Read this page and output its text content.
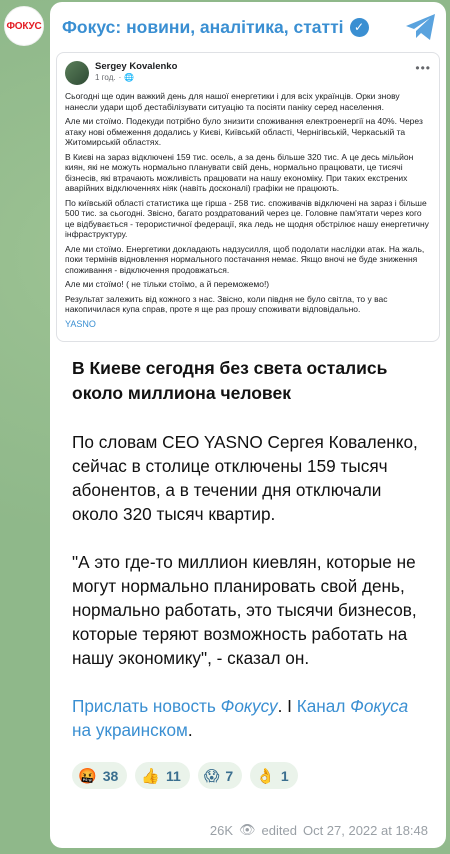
ФОКУС Фокус: новини, аналітика, статті ✓
Sergey Kovalenko
1 год. · 🌐
•••

Сьогодні ще один важкий день для нашої енергетики і для всіх українців. Орки знову нанесли удари щоб дестабілізувати ситуацію та посіяти паніку серед населення.

Але ми стоїмо. Подекуди потрібно було знизити споживання електроенергії на 40%. Через атаку нові обмеження додались у Києві, Київській області, Чернігівській, Черкаській та Житомирській областях.

В Києві на зараз відключені 159 тис. осель, а за день більше 320 тис. А це десь мільйон киян, які не можуть нормально планувати свій день, нормально працювати, це тисячі бізнесів, які втрачають можливість працювати на нашу економіку. При таких екстрених аварійних відключеннях ніяк (навіть досконалі) графіки не працюють.

По київській області статистика ще гірша - 258 тис. споживачів відключені на зараз і більше 500 тис. за сьогодні. Звісно, багато роздратований через це. Головне пам'ятати через кого це відбувається - терористичної федерації, яка ледь не щодня обстрілює нашу енергетичну інфраструктуру.

Але ми стоїмо. Енергетики докладають надзусилля, щоб подолати наслідки атак. На жаль, поки термінів відновлення нормального постачання немає. Якщо вночі не буде зниження споживання - відключення продовжаться.

Але ми стоїмо! ( не тільки стоїмо, а й переможемо!)

Результат залежить від кожного з нас. Звісно, коли півдня не було світла, то у вас накопичилася купа справ, проте я ще раз прошу споживати відповідально.

YASNO
В Киеве сегодня без света остались около миллиона человек
По словам CEO YASNO Сергея Коваленко, сейчас в столице отключены 159 тысяч абонентов, а в течении дня отключали около 320 тысяч квартир.
"А это где-то миллион киевлян, которые не могут нормально планировать свой день, нормально работать, это тысячи бизнесов, которые теряют возможность работать на нашу экономику", - сказал он.
Прислать новость Фокусу. I Канал Фокуса на украинском.
🤬 38 👍 11 😱 7 👌 1
26K 👁 edited Oct 27, 2022 at 18:48
